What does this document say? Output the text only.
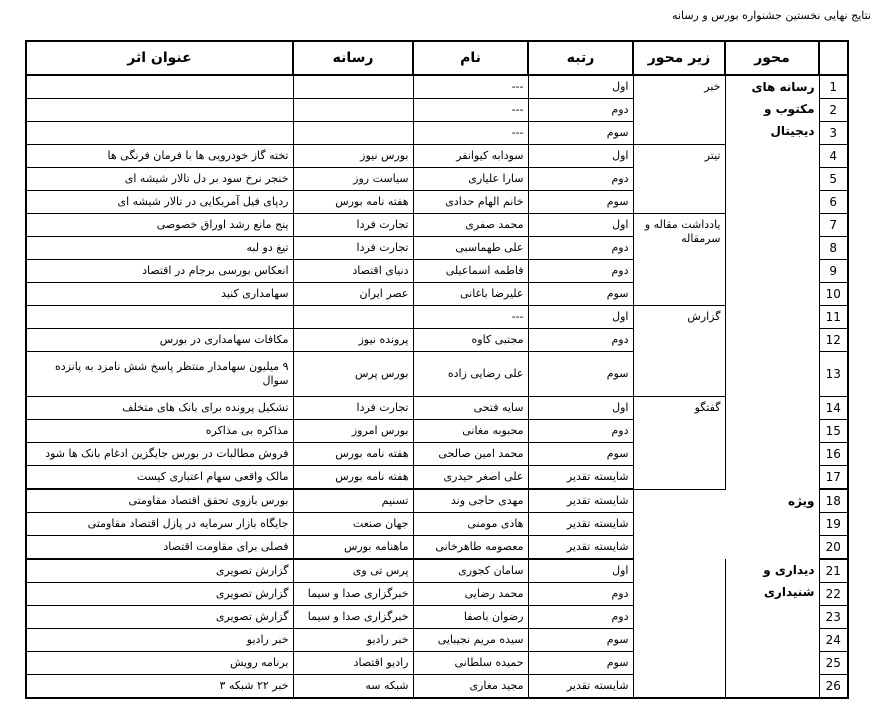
نتایج نهایی نخستین جشنواره بورس و رسانه
	محور	زیر محور	رتبه	نام	رسانه	عنوان اثر
1	رسانه های مکتوب و دیجیتال	خبر	اول	---		
2			دوم	---		
3			سوم	---		
4		تیتر	اول	سودابه کیوانفر	بورس نیوز	تخته گاز خودرویی ها با فرمان فرنگی ها
5			دوم	سارا علیاری	سیاست روز	خنجر نرخ سود بر دل تالار شیشه ای
6			سوم	خانم الهام حدادی	هفته نامه بورس	ردپای فیل آمریکایی در تالار شیشه ای
7		یادداشت مقاله و سرمقاله	اول	محمد صفری	تجارت فردا	پنج مانع رشد اوراق خصوصی
8			دوم	علی طهماسبی	تجارت فردا	تیغ دو لبه
9			دوم	فاطمه اسماعیلی	دنیای اقتصاد	انعکاس بورسی برجام در اقتصاد
10			سوم	علیرضا باغانی	عصر ایران	سهامداری کنید
11		گزارش	اول	---		
12			دوم	مجتبی کاوه	پرونده نیوز	مکافات سهامداری در بورس
13			سوم	علی رضایی زاده	بورس پرس	۹ میلیون سهامدار منتظر پاسخ شش نامزد به پانزده سوال
14		گفتگو	اول	سایه فتحی	تجارت فردا	تشکیل پرونده برای بانک های متخلف
15			دوم	محبوبه مغانی	بورس امروز	مذاکره بی مذاکره
16			سوم	محمد امین صالحی	هفته نامه بورس	فروش مطالبات در بورس جایگزین ادغام بانک ها شود
17			شایسته تقدیر	علی اصغر حیدری	هفته نامه بورس	مالک واقعی سهام اعتباری کیست
18	ویژه		شایسته تقدیر	مهدی حاجی وند	تسنیم	بورس بازوی تحقق اقتصاد مقاومتی
19			شایسته تقدیر	هادی مومنی	جهان صنعت	جایگاه بازار سرمایه در پازل اقتصاد مقاومتی
20			شایسته تقدیر	معصومه طاهرخانی	ماهنامه بورس	فصلی برای مقاومت اقتصاد
21	دیداری و شنیداری		اول	سامان کجوری	پرس تی وی	گزارش تصویری
22			دوم	محمد رضایی	خبرگزاری صدا و سیما	گزارش تصویری
23			دوم	رضوان باصفا	خبرگزاری صدا و سیما	گزارش تصویری
24			سوم	سیده مریم نجیبایی	خبر رادیو	خبر رادیو
25			سوم	حمیده سلطانی	رادیو اقتصاد	برنامه رویش
26			شایسته تقدیر	مجید مغاری	شبکه سه	خبر ۲۲ شبکه ۳
